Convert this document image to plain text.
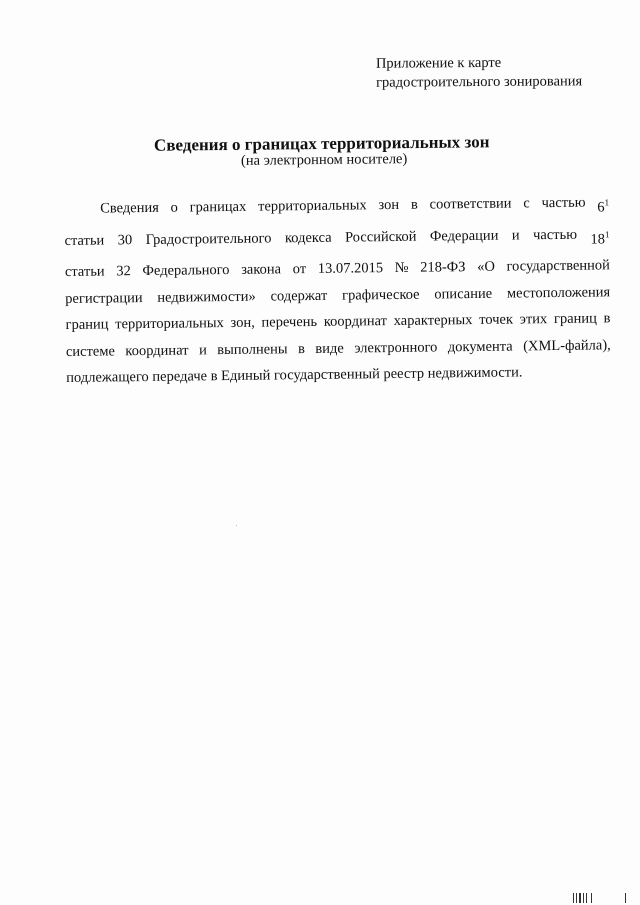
Приложение к карте
градостроительного зонирования
Сведения о границах территориальных зон
(на электронном носителе)
Сведения о границах территориальных зон в соответствии с частью $6^1$
статьи 30 Градостроительного кодекса Российской Федерации и частью $18^1$
статьи 32 Федерального закона от 13.07.2015 № 218-ФЗ «О государственной
регистрации недвижимости» содержат графическое описание местоположения
границ территориальных зон, перечень координат характерных точек этих границ в
системе координат и выполнены в виде электронного документа (XML-файла),
подлежащего передаче в Единый государственный реестр недвижимости.
